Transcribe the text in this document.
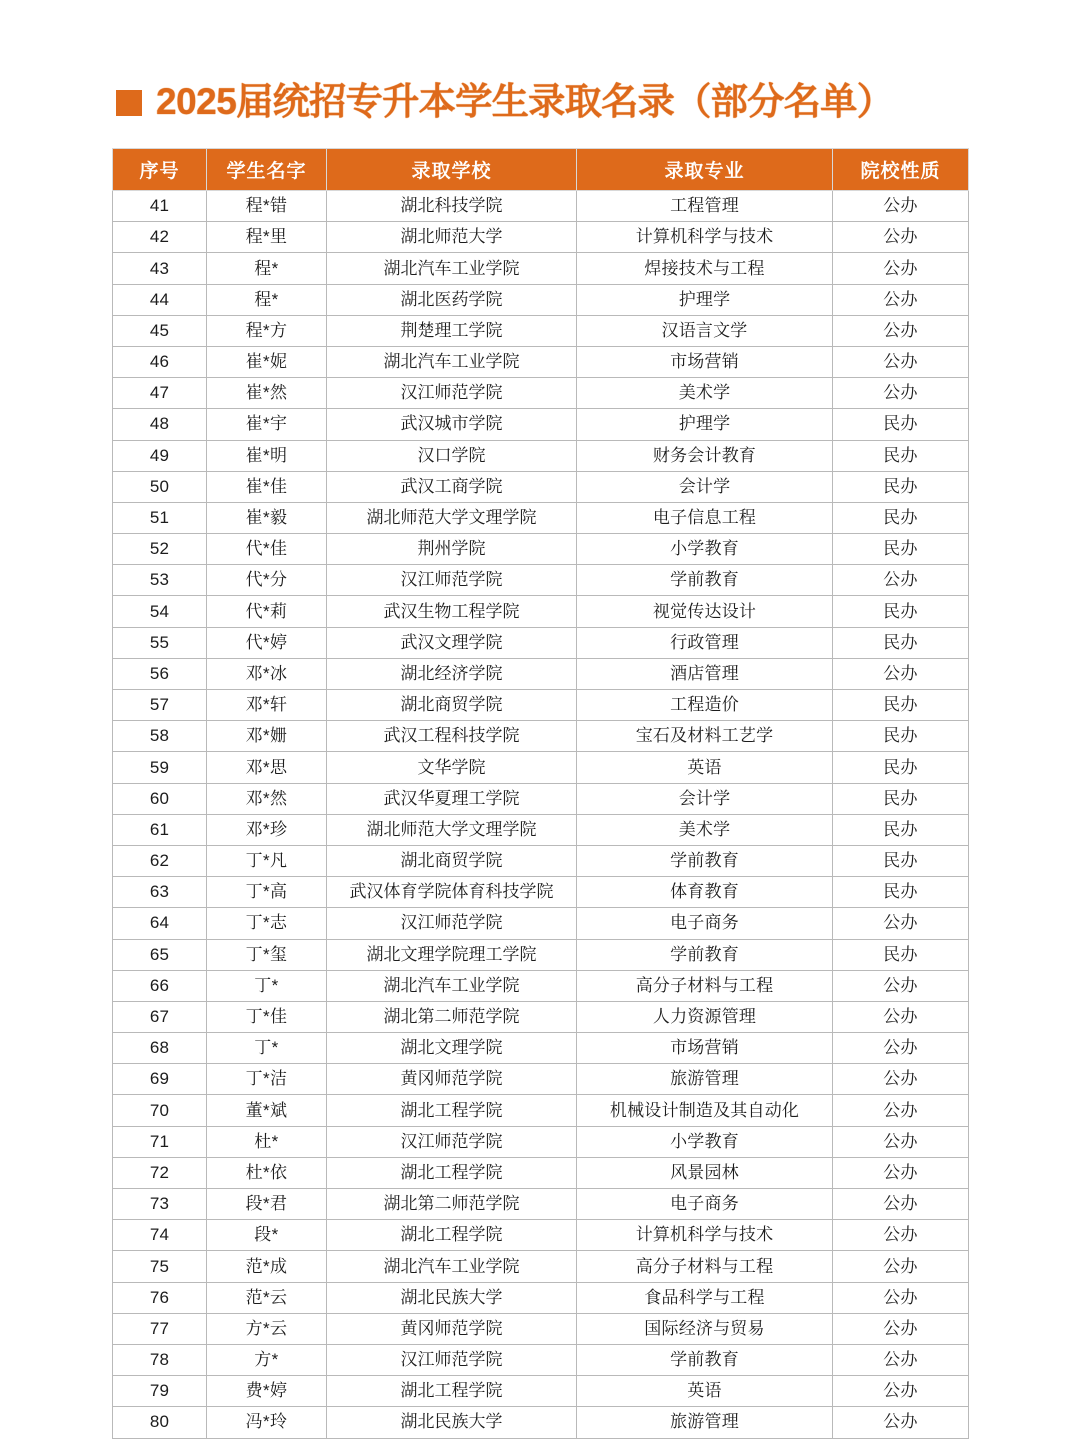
2025届统招专升本学生录取名录（部分名单）
序号	学生名字	录取学校	录取专业	院校性质
41	程*错	湖北科技学院	工程管理	公办
42	程*里	湖北师范大学	计算机科学与技术	公办
43	程*	湖北汽车工业学院	焊接技术与工程	公办
44	程*	湖北医药学院	护理学	公办
45	程*方	荆楚理工学院	汉语言文学	公办
46	崔*妮	湖北汽车工业学院	市场营销	公办
47	崔*然	汉江师范学院	美术学	公办
48	崔*宇	武汉城市学院	护理学	民办
49	崔*明	汉口学院	财务会计教育	民办
50	崔*佳	武汉工商学院	会计学	民办
51	崔*毅	湖北师范大学文理学院	电子信息工程	民办
52	代*佳	荆州学院	小学教育	民办
53	代*分	汉江师范学院	学前教育	公办
54	代*莉	武汉生物工程学院	视觉传达设计	民办
55	代*婷	武汉文理学院	行政管理	民办
56	邓*冰	湖北经济学院	酒店管理	公办
57	邓*轩	湖北商贸学院	工程造价	民办
58	邓*姗	武汉工程科技学院	宝石及材料工艺学	民办
59	邓*思	文华学院	英语	民办
60	邓*然	武汉华夏理工学院	会计学	民办
61	邓*珍	湖北师范大学文理学院	美术学	民办
62	丁*凡	湖北商贸学院	学前教育	民办
63	丁*高	武汉体育学院体育科技学院	体育教育	民办
64	丁*志	汉江师范学院	电子商务	公办
65	丁*玺	湖北文理学院理工学院	学前教育	民办
66	丁*	湖北汽车工业学院	高分子材料与工程	公办
67	丁*佳	湖北第二师范学院	人力资源管理	公办
68	丁*	湖北文理学院	市场营销	公办
69	丁*洁	黄冈师范学院	旅游管理	公办
70	董*斌	湖北工程学院	机械设计制造及其自动化	公办
71	杜*	汉江师范学院	小学教育	公办
72	杜*依	湖北工程学院	风景园林	公办
73	段*君	湖北第二师范学院	电子商务	公办
74	段*	湖北工程学院	计算机科学与技术	公办
75	范*成	湖北汽车工业学院	高分子材料与工程	公办
76	范*云	湖北民族大学	食品科学与工程	公办
77	方*云	黄冈师范学院	国际经济与贸易	公办
78	方*	汉江师范学院	学前教育	公办
79	费*婷	湖北工程学院	英语	公办
80	冯*玲	湖北民族大学	旅游管理	公办
